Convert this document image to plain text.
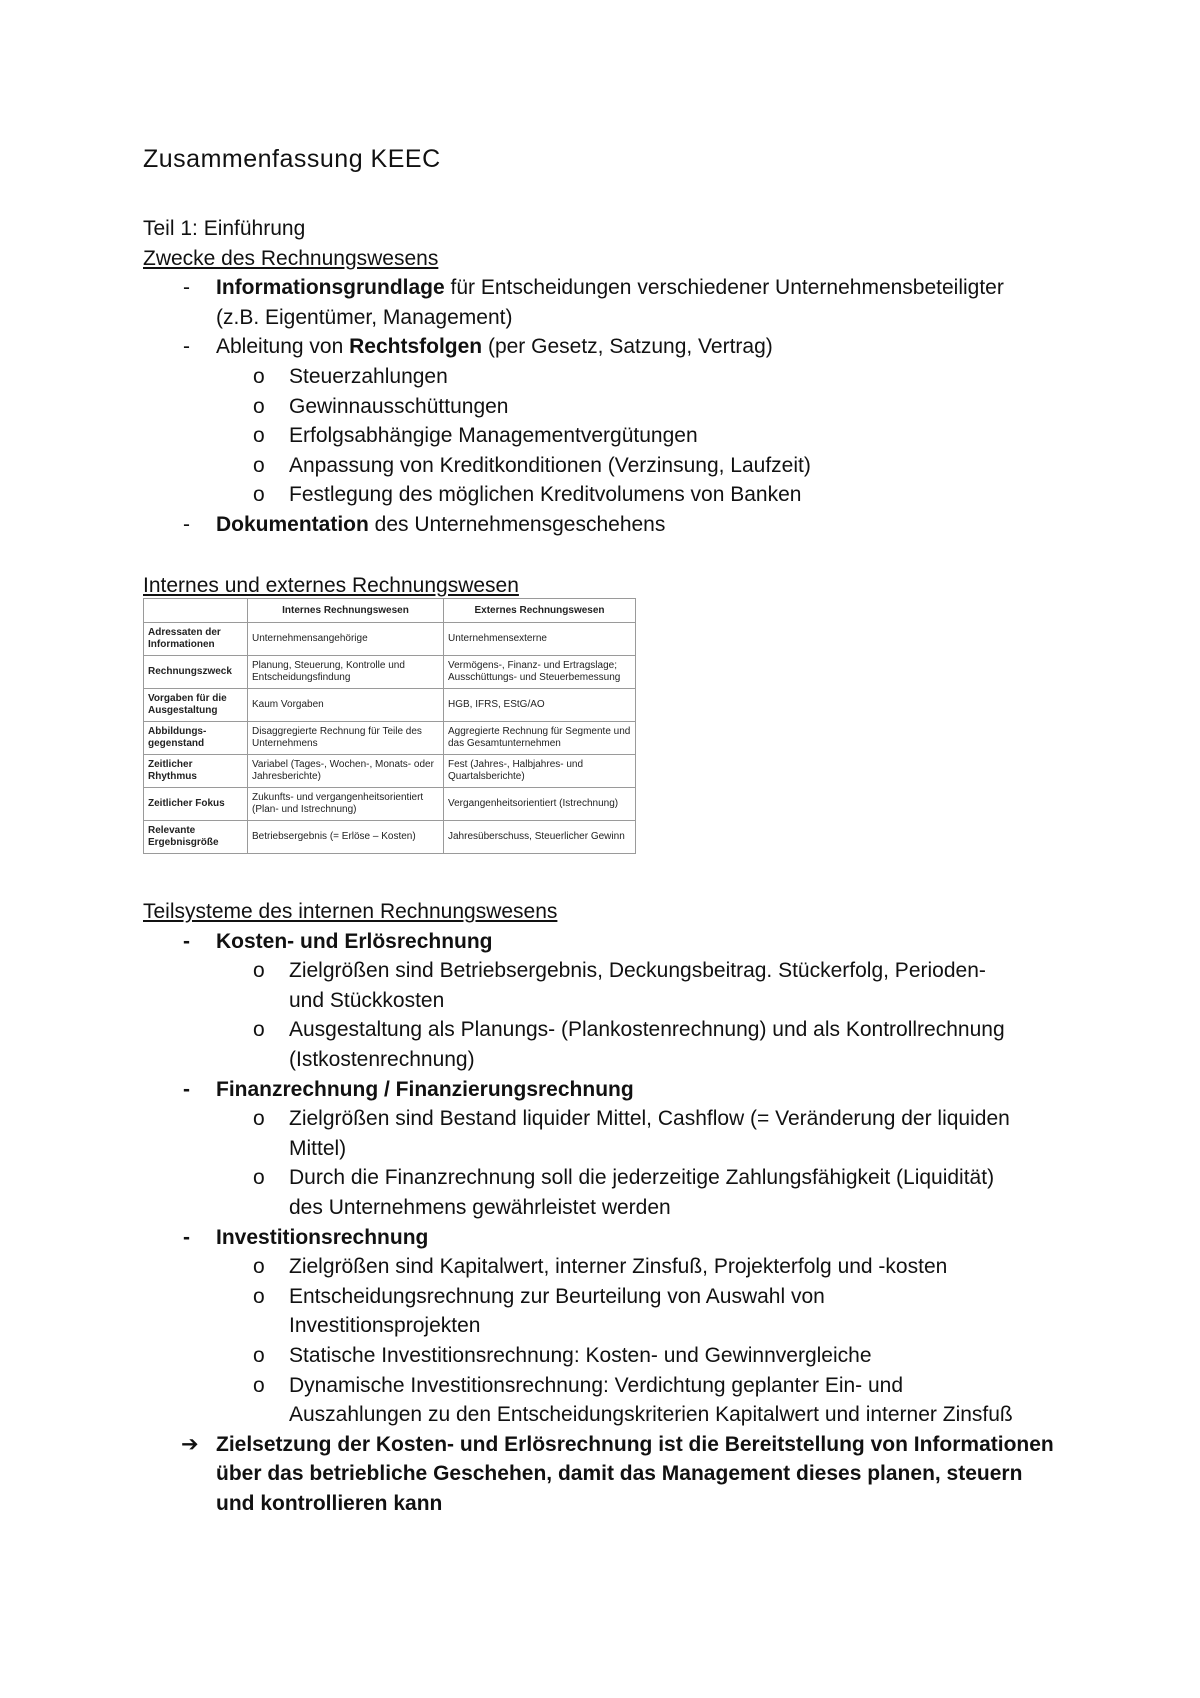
Zusammenfassung KEEC
Teil 1: Einführung
Zwecke des Rechnungswesens
- Informationsgrundlage für Entscheidungen verschiedener Unternehmensbeteiligter
(z.B. Eigentümer, Management)
- Ableitung von Rechtsfolgen (per Gesetz, Satzung, Vertrag)
o Steuerzahlungen
o Gewinnausschüttungen
o Erfolgsabhängige Managementvergütungen
o Anpassung von Kreditkonditionen (Verzinsung, Laufzeit)
o Festlegung des möglichen Kreditvolumens von Banken
- Dokumentation des Unternehmensgeschehens
Internes und externes Rechnungswesen
	Internes Rechnungswesen	Externes Rechnungswesen
Adressaten der Informationen	Unternehmensangehörige	Unternehmensexterne
Rechnungszweck	Planung, Steuerung, Kontrolle und Entscheidungsfindung	Vermögens-, Finanz- und Ertragslage; Ausschüttungs- und Steuerbemessung
Vorgaben für die Ausgestaltung	Kaum Vorgaben	HGB, IFRS, EStG/AO
Abbildungs-gegenstand	Disaggregierte Rechnung für Teile des Unternehmens	Aggregierte Rechnung für Segmente und das Gesamtunternehmen
Zeitlicher Rhythmus	Variabel (Tages-, Wochen-, Monats- oder Jahresberichte)	Fest (Jahres-, Halbjahres- und Quartalsberichte)
Zeitlicher Fokus	Zukunfts- und vergangenheitsorientiert (Plan- und Istrechnung)	Vergangenheitsorientiert (Istrechnung)
Relevante Ergebnisgröße	Betriebsergebnis (= Erlöse – Kosten)	Jahresüberschuss, Steuerlicher Gewinn
Teilsysteme des internen Rechnungswesens
- Kosten- und Erlösrechnung
o Zielgrößen sind Betriebsergebnis, Deckungsbeitrag. Stückerfolg, Perioden-
und Stückkosten
o Ausgestaltung als Planungs- (Plankostenrechnung) und als Kontrollrechnung
(Istkostenrechnung)
- Finanzrechnung / Finanzierungsrechnung
o Zielgrößen sind Bestand liquider Mittel, Cashflow (= Veränderung der liquiden
Mittel)
o Durch die Finanzrechnung soll die jederzeitige Zahlungsfähigkeit (Liquidität)
des Unternehmens gewährleistet werden
- Investitionsrechnung
o Zielgrößen sind Kapitalwert, interner Zinsfuß, Projekterfolg und -kosten
o Entscheidungsrechnung zur Beurteilung von Auswahl von
Investitionsprojekten
o Statische Investitionsrechnung: Kosten- und Gewinnvergleiche
o Dynamische Investitionsrechnung: Verdichtung geplanter Ein- und
Auszahlungen zu den Entscheidungskriterien Kapitalwert und interner Zinsfuß
➔ Zielsetzung der Kosten- und Erlösrechnung ist die Bereitstellung von Informationen
über das betriebliche Geschehen, damit das Management dieses planen, steuern
und kontrollieren kann
